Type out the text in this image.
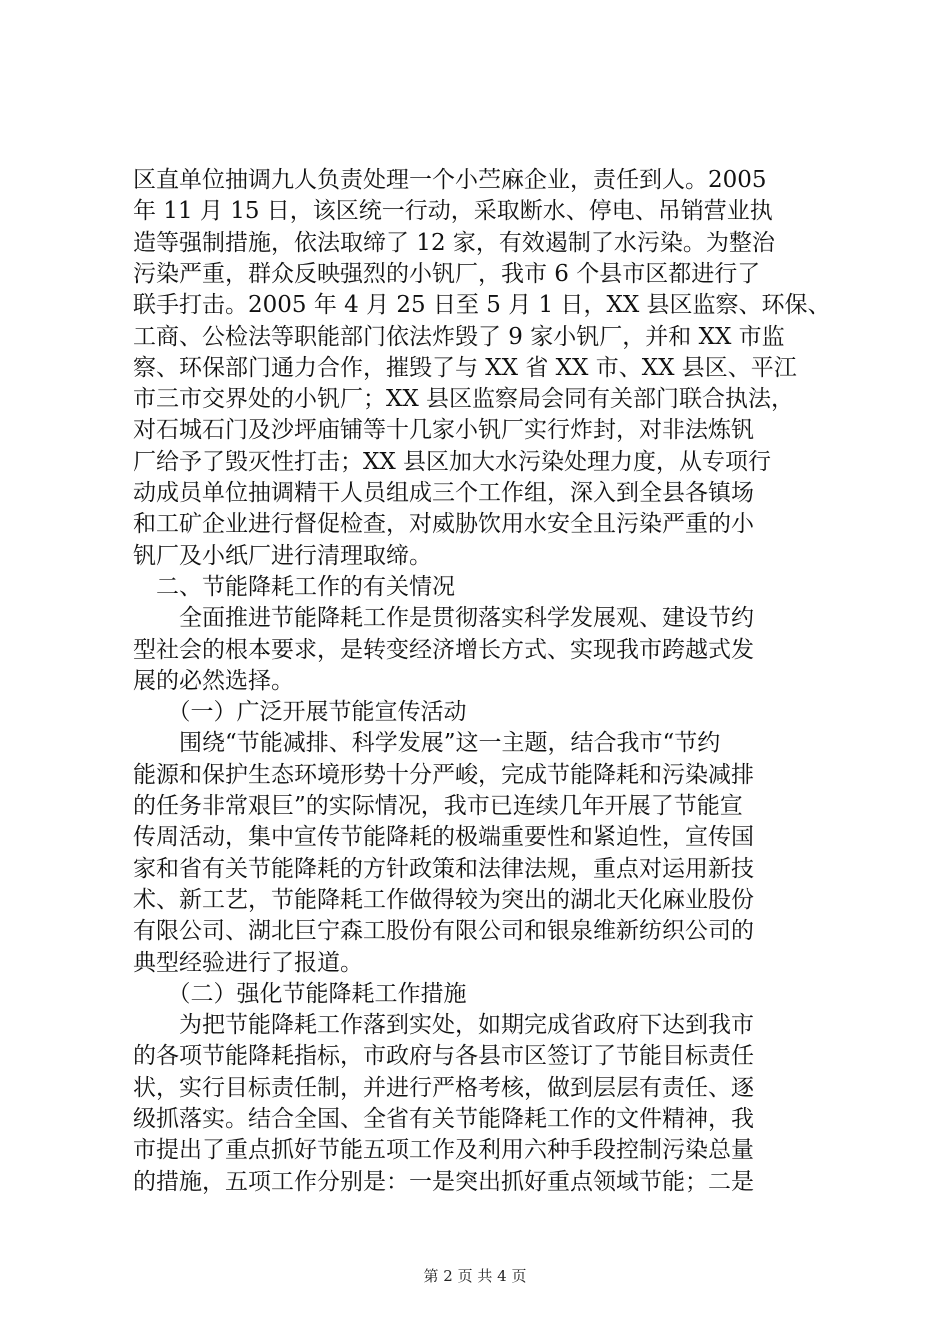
区直单位抽调九人负责处理一个小苎麻企业，责任到人。2005
年 11 月 15 日，该区统一行动，采取断水、停电、吊销营业执
造等强制措施，依法取缔了 12 家，有效遏制了水污染。为整治
污染严重，群众反映强烈的小钒厂，我市 6 个县市区都进行了
联手打击。2005 年 4 月 25 日至 5 月 1 日，XX 县区监察、环保、
工商、公检法等职能部门依法炸毁了 9 家小钒厂，并和 XX 市监
察、环保部门通力合作，摧毁了与 XX 省 XX 市、XX 县区、平江
市三市交界处的小钒厂；XX 县区监察局会同有关部门联合执法，
对石城石门及沙坪庙铺等十几家小钒厂实行炸封，对非法炼钒
厂给予了毁灭性打击；XX 县区加大水污染处理力度，从专项行
动成员单位抽调精干人员组成三个工作组，深入到全县各镇场
和工矿企业进行督促检查，对威胁饮用水安全且污染严重的小
钒厂及小纸厂进行清理取缔。
　二、节能降耗工作的有关情况
　　全面推进节能降耗工作是贯彻落实科学发展观、建设节约
型社会的根本要求，是转变经济增长方式、实现我市跨越式发
展的必然选择。
　　（一）广泛开展节能宣传活动
　　围绕“节能减排、科学发展”这一主题，结合我市“节约
能源和保护生态环境形势十分严峻，完成节能降耗和污染减排
的任务非常艰巨”的实际情况，我市已连续几年开展了节能宣
传周活动，集中宣传节能降耗的极端重要性和紧迫性，宣传国
家和省有关节能降耗的方针政策和法律法规，重点对运用新技
术、新工艺，节能降耗工作做得较为突出的湖北天化麻业股份
有限公司、湖北巨宁森工股份有限公司和银泉维新纺织公司的
典型经验进行了报道。
　　（二）强化节能降耗工作措施
　　为把节能降耗工作落到实处，如期完成省政府下达到我市
的各项节能降耗指标，市政府与各县市区签订了节能目标责任
状，实行目标责任制，并进行严格考核，做到层层有责任、逐
级抓落实。结合全国、全省有关节能降耗工作的文件精神，我
市提出了重点抓好节能五项工作及利用六种手段控制污染总量
的措施，五项工作分别是：一是突出抓好重点领域节能；二是
第 2 页 共 4 页
